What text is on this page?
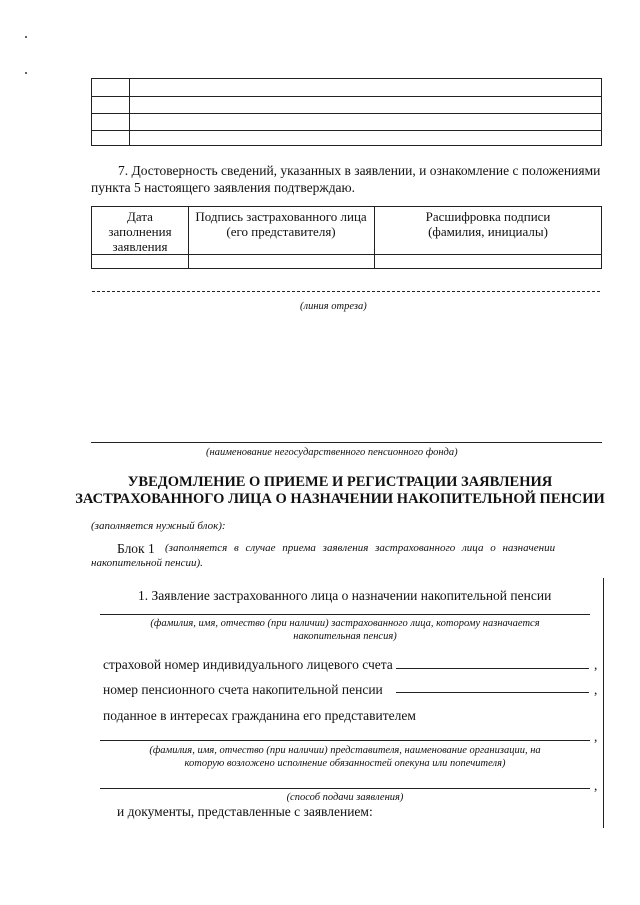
7. Достоверность сведений, указанных в заявлении, и ознакомление с положениями
пункта 5 настоящего заявления подтверждаю.
Дата
заполнения
заявления
Подпись застрахованного лица
(его представителя)
Расшифровка подписи
(фамилия, инициалы)
(линия отреза)
(наименование негосударственного пенсионного фонда)
УВЕДОМЛЕНИЕ О ПРИЕМЕ И РЕГИСТРАЦИИ ЗАЯВЛЕНИЯ
ЗАСТРАХОВАННОГО ЛИЦА О НАЗНАЧЕНИИ НАКОПИТЕЛЬНОЙ ПЕНСИИ
(заполняется нужный блок):
Блок 1 (заполняется в случае приема заявления застрахованного лица о назначении
накопительной пенсии).
1. Заявление застрахованного лица о назначении накопительной пенсии
(фамилия, имя, отчество (при наличии) застрахованного лица, которому назначается
накопительная пенсия)
страховой номер индивидуального лицевого счета	,
номер пенсионного счета накопительной пенсии	,
поданное в интересах гражданина его представителем
,
(фамилия, имя, отчество (при наличии) представителя, наименование организации, на
которую возложено исполнение обязанностей опекуна или попечителя)
,
(способ подачи заявления)
и документы, представленные с заявлением:
